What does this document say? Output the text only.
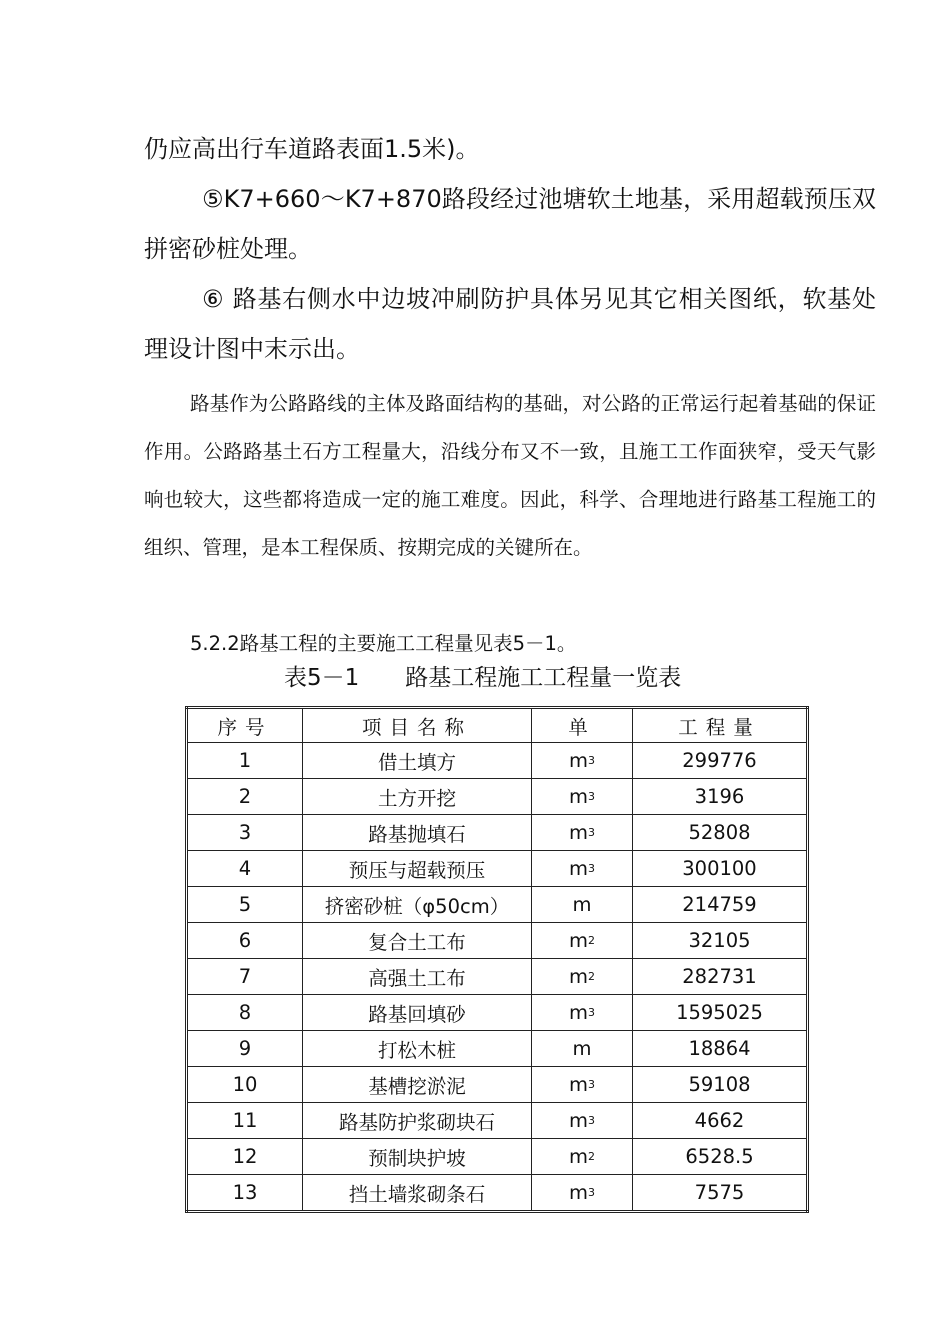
仍应高出行车道路表面1.5米)。

⑤K7+660～K7+870路段经过池塘软土地基，采用超载预压双拼密砂桩处理。

⑥ 路基右侧水中边坡冲刷防护具体另见其它相关图纸，软基处理设计图中末示出。

路基作为公路路线的主体及路面结构的基础，对公路的正常运行起着基础的保证作用。公路路基土石方工程量大，沿线分布又不一致，且施工工作面狭窄，受天气影响也较大，这些都将造成一定的施工难度。因此，科学、合理地进行路基工程施工的组织、管理，是本工程保质、按期完成的关键所在。

5.2.2路基工程的主要施工工程量见表5－1。

表5－1　　路基工程施工工程量一览表
序号	项目名称	单	工程量
1	借土填方	$m^3$	299776
2	土方开挖	$m^3$	3196
3	路基抛填石	$m^3$	52808
4	预压与超载预压	$m^3$	300100
5	挤密砂桩（φ50cm）	m	214759
6	复合土工布	$m^2$	32105
7	高强土工布	$m^2$	282731
8	路基回填砂	$m^3$	1595025
9	打松木桩	m	18864
10	基槽挖淤泥	$m^3$	59108
11	路基防护浆砌块石	$m^3$	4662
12	预制块护坡	$m^2$	6528.5
13	挡土墙浆砌条石	$m^3$	7575
